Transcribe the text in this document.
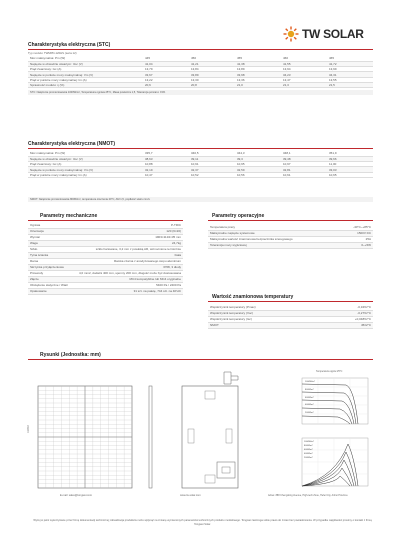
TW SOLAR
Charakterystyka elektryczna (STC)
Typ modułu: TWMPD-120HS (seria 12)
Moc maksymalna: Pm (W)	445	450	455	460	465
Napięcie w obwodzie otwartym: Voc (V)	41,04	41,21	41,38	41,55	41,72
Prąd zwarciowy: Isc (A)	13,79	13,84	13,89	13,94	13,99
Napięcie w punkcie mocy maksymalnej: Vm (V)	33,67	33,89	33,98	34,23	34,31
Prąd w punkcie mocy maksymalnej: Im (A)	13,22	13,30	13,36	13,47	13,55
Sprawność modułu: η (%)	20,6	20,8	21,0	21,3	21,5
STC: Natężenie promieniowania 1000W/m², Temperatura ogniwa 25°C, Masa powietrza 1,5, Tolerancja pomiaru: ±3%
Charakterystyka elektryczna (NMOT)
Moc maksymalna: Pm (W)	335,7	340,5	344,3	348,1	351,9
Napięcie w obwodzie otwartym: Voc (V)	38,63	39,11	39,3	39,48	39,66
Prąd zwarciowy: Isc (A)	10,88	10,91	10,95	10,97	11,00
Napięcie w punkcie mocy maksymalnej: Vm (V)	32,19	32,37	32,59	32,81	33,03
Prąd w punkcie mocy maksymalnej: Im (A)	10,47	10,52	10,56	10,61	10,65
NMOT: Natężenie promieniowania 800W/m², temperatura otoczenia 20°C, AM 1,5, prędkość wiatru 1m/s
Parametry mechaniczne
Ogniwa	P-TRIC
Orientacja	120 (6×20)
Wymiar	1903×1134×35 mm
Waga	24,7kg
Szkło	szkło hartowane, 3,2 mm z powłoką AR, wzmocnione termicznie
Tylna ścianka	biała
Rama	Ramka czarna z anodyzowanego stopu aluminium
Skrzynka przyłączeniowa	IP68, 3 diody
Przewody	4,0 mm2, dodatni 400 mm, ujemny 200 mm, długość może być dostosowana
Złącze	MC4 kompatybilne lub MC4 oryginalne
Obciążenie statyczne / Wiatr	5400 Pa / 2400 Pa
Opakowanie	31 szt. na paletę, 744 szt. na 40'HC
Parametry operacyjne
Temperatura pracy	-40°C~+85°C
Maksymalne napięcie systemowe	1500V DC
Maksymalna wartość znamionowa bezpiecznika szeregowego	25A
Tolerancja mocy wyjściowej	0~+5W
Wartość znamionowa temperatury
Współczynnik temperatury (Pmax)	-0,34%/°C
Współczynnik temperatury (Voc)	-0,27%/°C
Współczynnik temperatury (Isc)	+0,048%/°C
NMOT	45±2°C
Rysunki (Jednostka: mm)
1903±2
Temperatura ogniw 25°C
1000W/m²
800W/m²
600W/m²
400W/m²
200W/m²
1000W/m²
800W/m²
600W/m²
400W/m²
200W/m²
E-mail: sales@tongwei.com	www.tw-solar.com	Adres: 888 Chengdong Avenue, High-tech Zone, Hefei City, Anhui Province
Wyżej w pełni wykorzystane przez firmę dokumentacji technicznej; Aktualizacja produktów może wpłynąć na zmianę wymienionych parametrów technicznych produktu modułowego. Tongwei zastrzega sobie prawo do zmian bez powiadomienia. W przypadku wątpliwości prosimy o kontakt z firmą Tongwei Solar.
